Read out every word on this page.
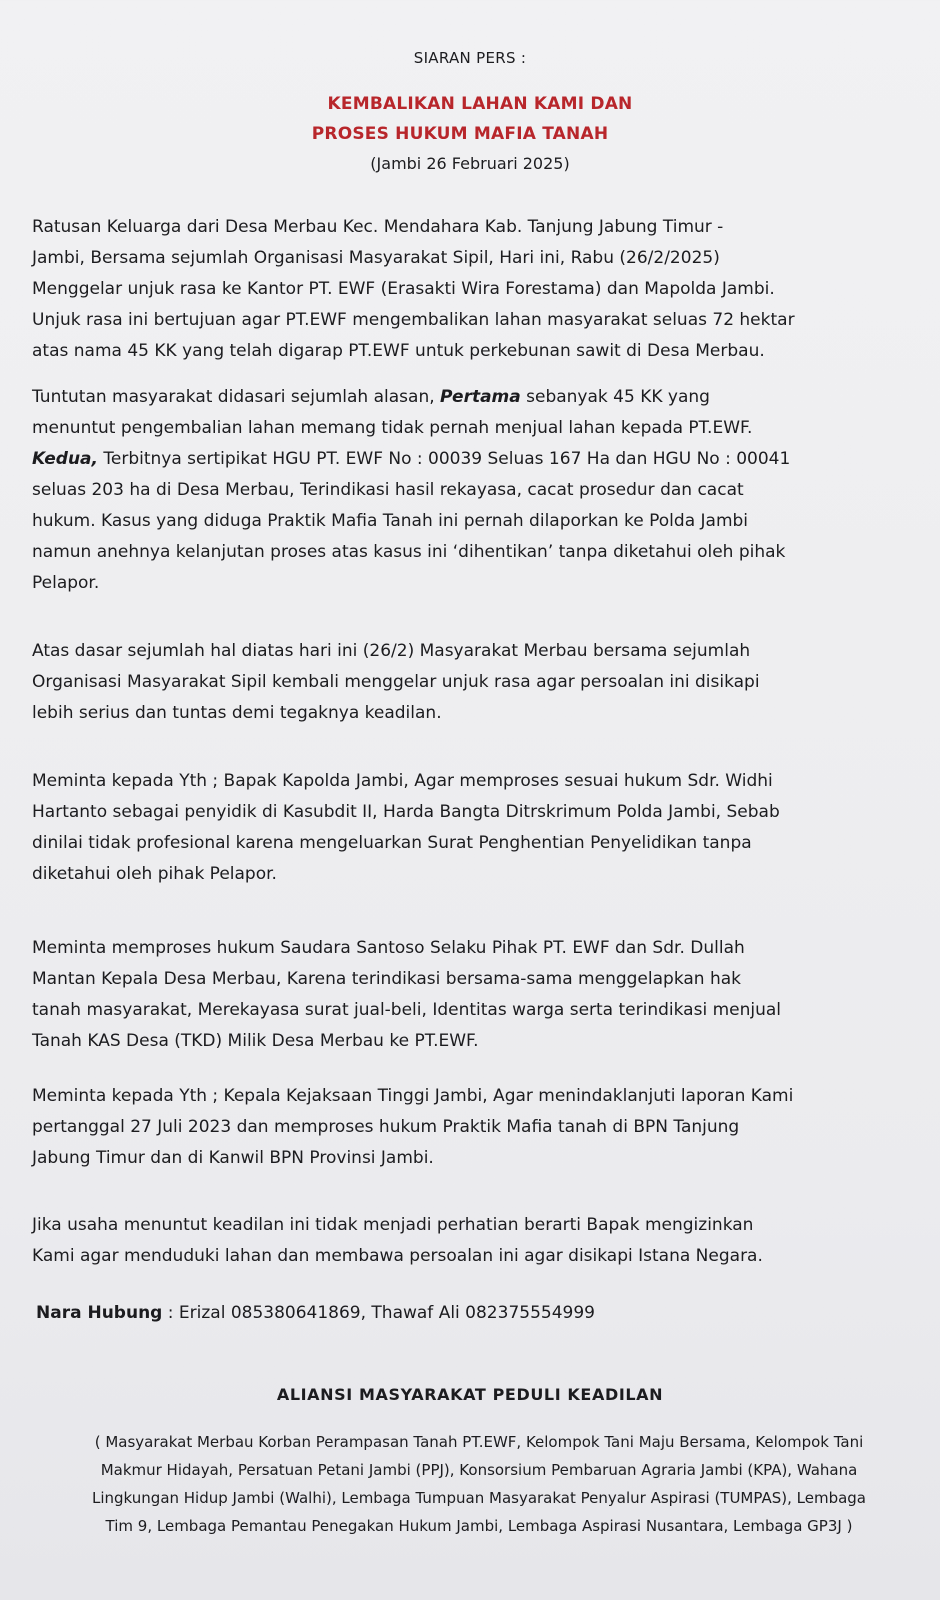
SIARAN PERS :
KEMBALIKAN LAHAN KAMI DAN
PROSES HUKUM MAFIA TANAH
(Jambi 26 Februari 2025)
Ratusan Keluarga dari Desa Merbau Kec. Mendahara Kab. Tanjung Jabung Timur -
Jambi, Bersama sejumlah Organisasi Masyarakat Sipil, Hari ini, Rabu (26/2/2025)
Menggelar unjuk rasa ke Kantor PT. EWF (Erasakti Wira Forestama) dan Mapolda Jambi.
Unjuk rasa ini bertujuan agar PT.EWF mengembalikan lahan masyarakat seluas 72 hektar
atas nama 45 KK yang telah digarap PT.EWF untuk perkebunan sawit di Desa Merbau.
Tuntutan masyarakat didasari sejumlah alasan, Pertama sebanyak 45 KK yang
menuntut pengembalian lahan memang tidak pernah menjual lahan kepada PT.EWF.
Kedua, Terbitnya sertipikat HGU PT. EWF No : 00039 Seluas 167 Ha dan HGU No : 00041
seluas 203 ha di Desa Merbau, Terindikasi hasil rekayasa, cacat prosedur dan cacat
hukum. Kasus yang diduga Praktik Mafia Tanah ini pernah dilaporkan ke Polda Jambi
namun anehnya kelanjutan proses atas kasus ini ‘dihentikan’ tanpa diketahui oleh pihak
Pelapor.
Atas dasar sejumlah hal diatas hari ini (26/2) Masyarakat Merbau bersama sejumlah
Organisasi Masyarakat Sipil kembali menggelar unjuk rasa agar persoalan ini disikapi
lebih serius dan tuntas demi tegaknya keadilan.
Meminta kepada Yth ; Bapak Kapolda Jambi, Agar memproses sesuai hukum Sdr. Widhi
Hartanto sebagai penyidik di Kasubdit II, Harda Bangta Ditrskrimum Polda Jambi, Sebab
dinilai tidak profesional karena mengeluarkan Surat Penghentian Penyelidikan tanpa
diketahui oleh pihak Pelapor.
Meminta memproses hukum Saudara Santoso Selaku Pihak PT. EWF dan Sdr. Dullah
Mantan Kepala Desa Merbau, Karena terindikasi bersama-sama menggelapkan hak
tanah masyarakat, Merekayasa surat jual-beli, Identitas warga serta terindikasi menjual
Tanah KAS Desa (TKD) Milik Desa Merbau ke PT.EWF.
Meminta kepada Yth ; Kepala Kejaksaan Tinggi Jambi, Agar menindaklanjuti laporan Kami
pertanggal 27 Juli 2023 dan memproses hukum Praktik Mafia tanah di BPN Tanjung
Jabung Timur dan di Kanwil BPN Provinsi Jambi.
Jika usaha menuntut keadilan ini tidak menjadi perhatian berarti Bapak mengizinkan
Kami agar menduduki lahan dan membawa persoalan ini agar disikapi Istana Negara.
Nara Hubung : Erizal 085380641869, Thawaf Ali 082375554999
ALIANSI MASYARAKAT PEDULI KEADILAN
( Masyarakat Merbau Korban Perampasan Tanah PT.EWF, Kelompok Tani Maju Bersama, Kelompok Tani
Makmur Hidayah, Persatuan Petani Jambi (PPJ), Konsorsium Pembaruan Agraria Jambi (KPA), Wahana
Lingkungan Hidup Jambi (Walhi), Lembaga Tumpuan Masyarakat Penyalur Aspirasi (TUMPAS), Lembaga
Tim 9, Lembaga Pemantau Penegakan Hukum Jambi, Lembaga Aspirasi Nusantara, Lembaga GP3J )
